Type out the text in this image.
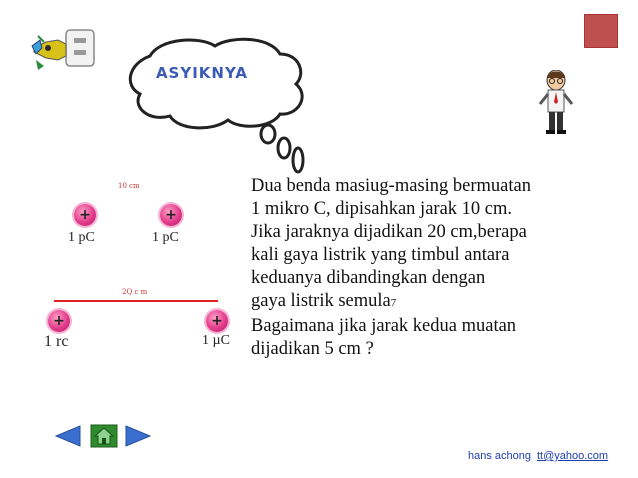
ASYIKNYA
10 cm
+	+
1 pC	1 pC
2Q c m
+	+
1 rc	1 µC
Dua benda masiug-masing bermuatan
1 mikro C, dipisahkan jarak 10 cm.
Jika jaraknya dijadikan 20 cm,berapa
kali gaya listrik yang timbul antara
keduanya dibandingkan dengan
gaya listrik semula7
Bagaimana jika jarak kedua muatan
dijadikan 5 cm ?
hans achong tt@yahoo.com
